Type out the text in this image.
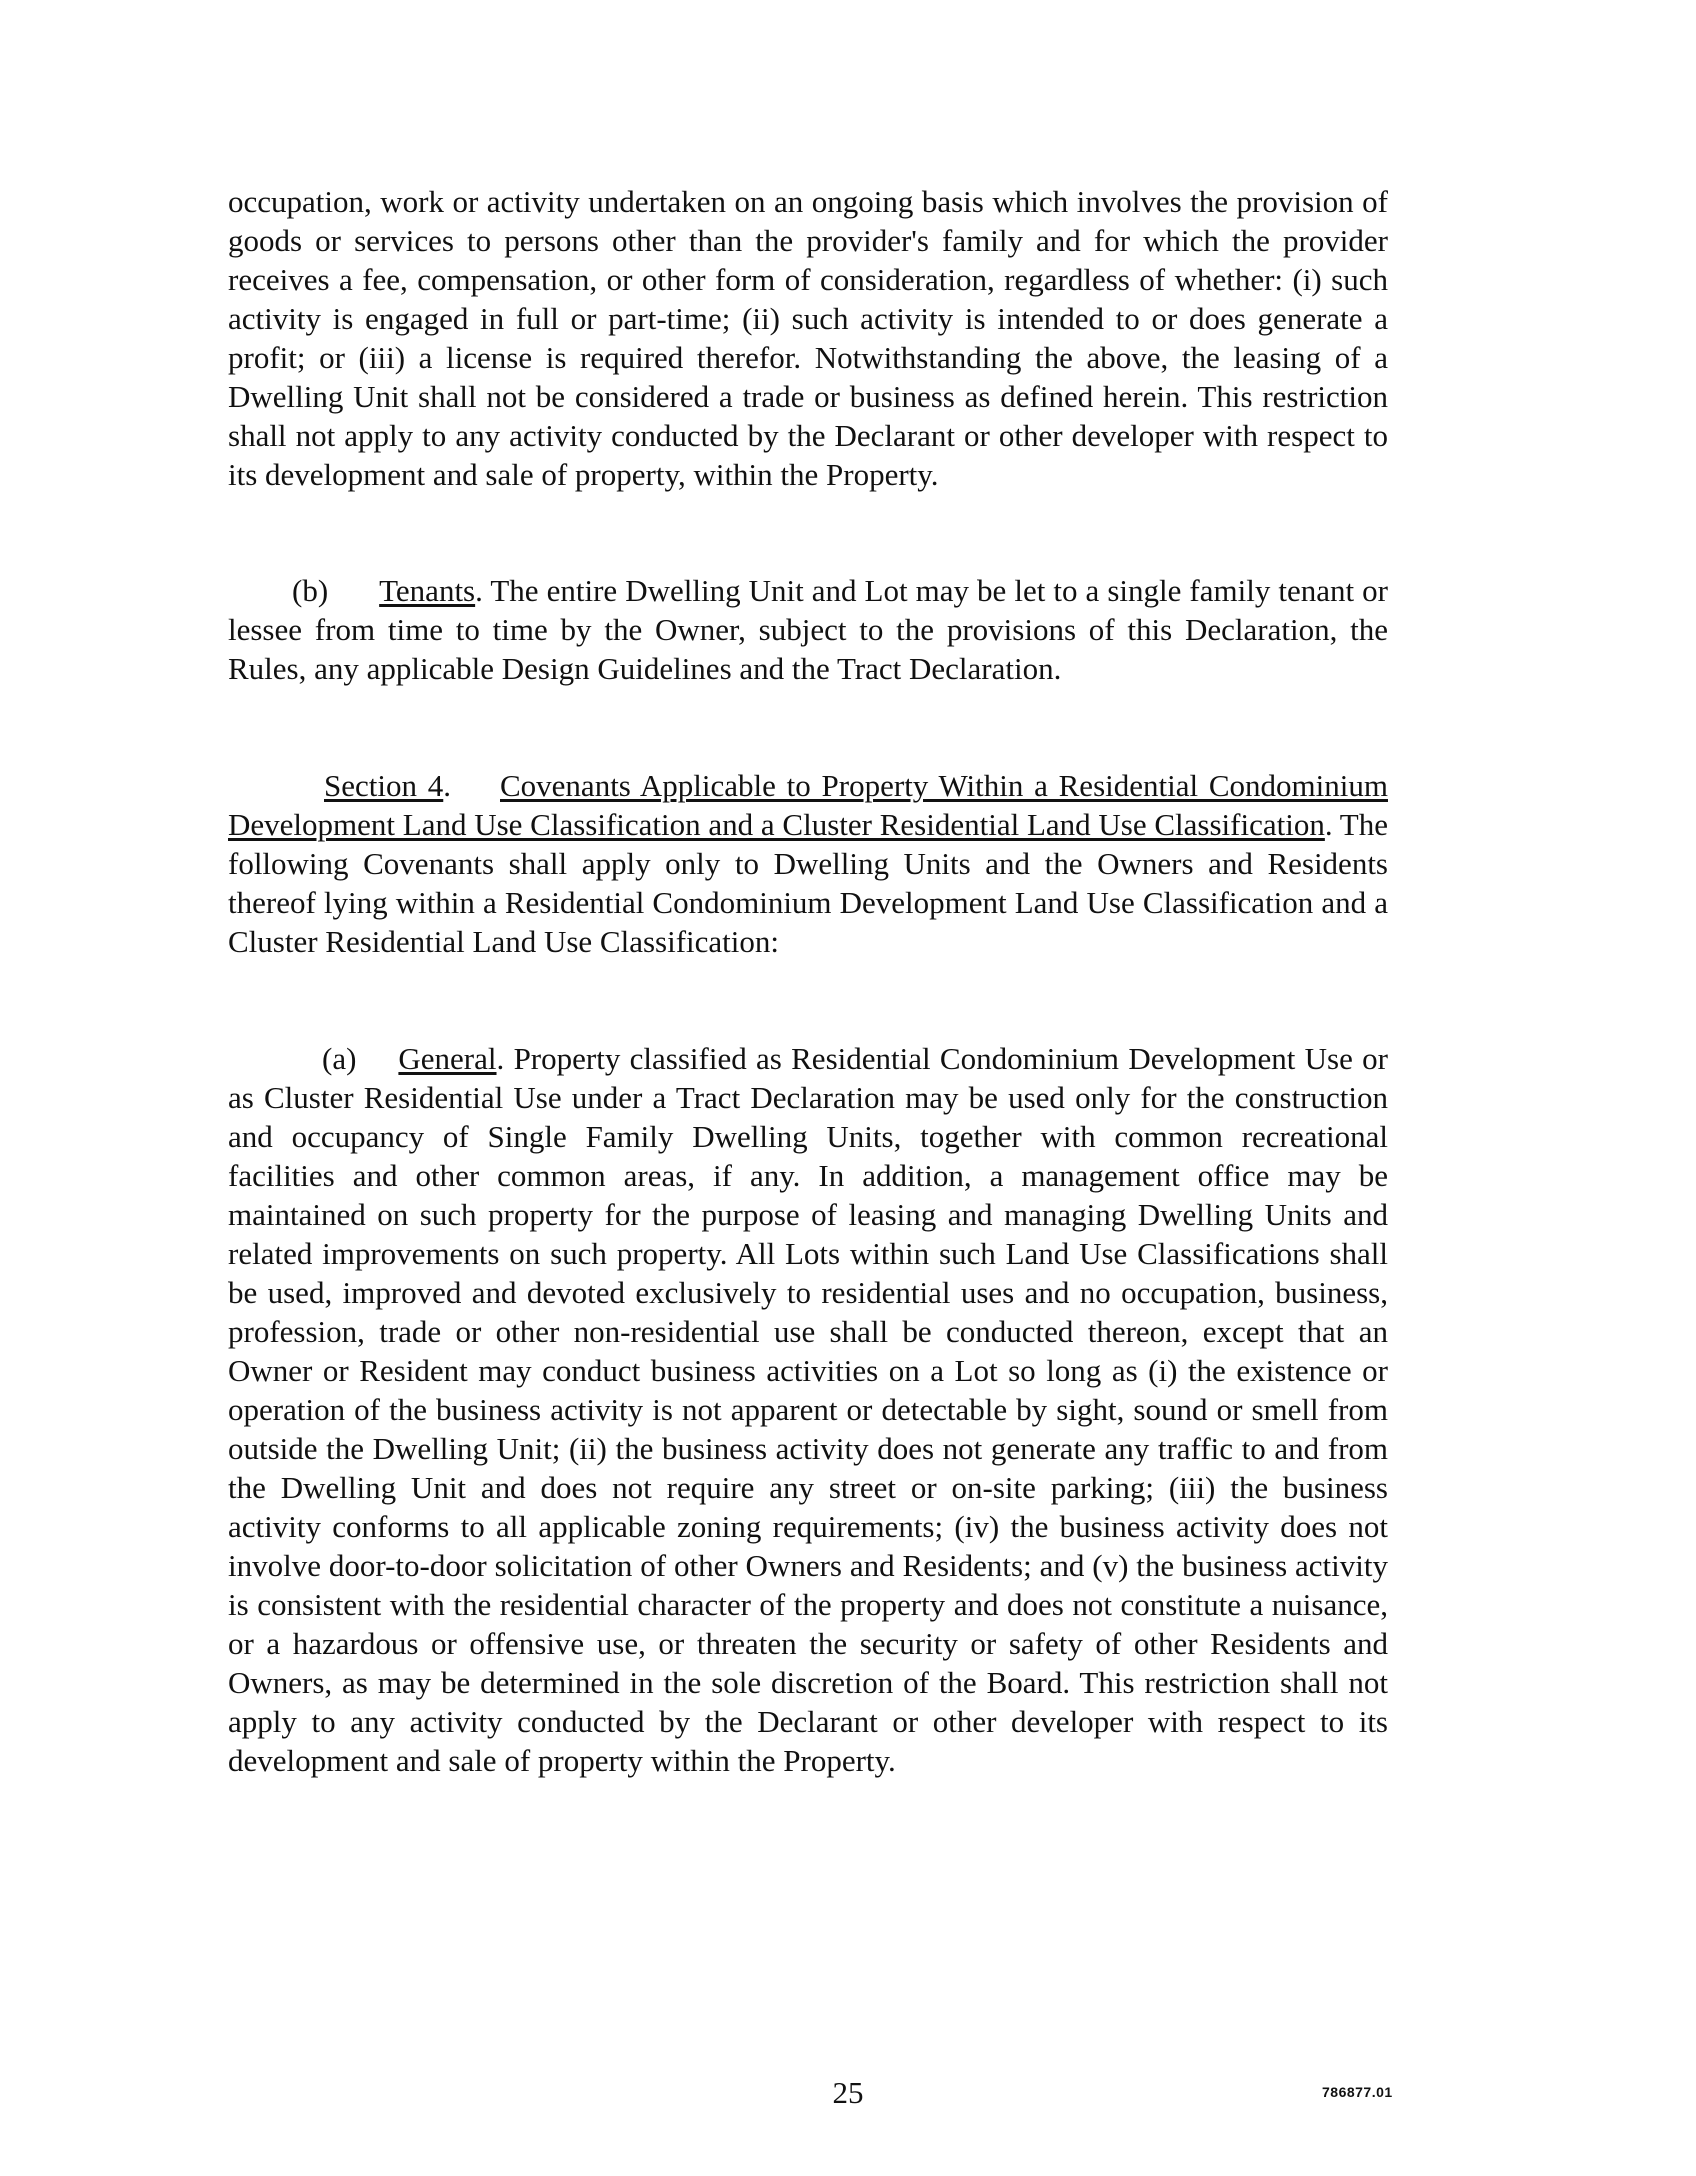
occupation, work or activity undertaken on an ongoing basis which involves the provision of goods or services to persons other than the provider's family and for which the provider receives a fee, compensation, or other form of consideration, regardless of whether: (i) such activity is engaged in full or part-time; (ii) such activity is intended to or does generate a profit; or (iii) a license is required therefor. Notwithstanding the above, the leasing of a Dwelling Unit shall not be considered a trade or business as defined herein. This restriction shall not apply to any activity conducted by the Declarant or other developer with respect to its development and sale of property, within the Property.

(b) Tenants. The entire Dwelling Unit and Lot may be let to a single family tenant or lessee from time to time by the Owner, subject to the provisions of this Declaration, the Rules, any applicable Design Guidelines and the Tract Declaration.

Section 4. Covenants Applicable to Property Within a Residential Condominium Development Land Use Classification and a Cluster Residential Land Use Classification. The following Covenants shall apply only to Dwelling Units and the Owners and Residents thereof lying within a Residential Condominium Development Land Use Classification and a Cluster Residential Land Use Classification:

(a) General. Property classified as Residential Condominium Development Use or as Cluster Residential Use under a Tract Declaration may be used only for the construction and occupancy of Single Family Dwelling Units, together with common recreational facilities and other common areas, if any. In addition, a management office may be maintained on such property for the purpose of leasing and managing Dwelling Units and related improvements on such property. All Lots within such Land Use Classifications shall be used, improved and devoted exclusively to residential uses and no occupation, business, profession, trade or other non-residential use shall be conducted thereon, except that an Owner or Resident may conduct business activities on a Lot so long as (i) the existence or operation of the business activity is not apparent or detectable by sight, sound or smell from outside the Dwelling Unit; (ii) the business activity does not generate any traffic to and from the Dwelling Unit and does not require any street or on-site parking; (iii) the business activity conforms to all applicable zoning requirements; (iv) the business activity does not involve door-to-door solicitation of other Owners and Residents; and (v) the business activity is consistent with the residential character of the property and does not constitute a nuisance, or a hazardous or offensive use, or threaten the security or safety of other Residents and Owners, as may be determined in the sole discretion of the Board. This restriction shall not apply to any activity conducted by the Declarant or other developer with respect to its development and sale of property within the Property.

25	786877.01
